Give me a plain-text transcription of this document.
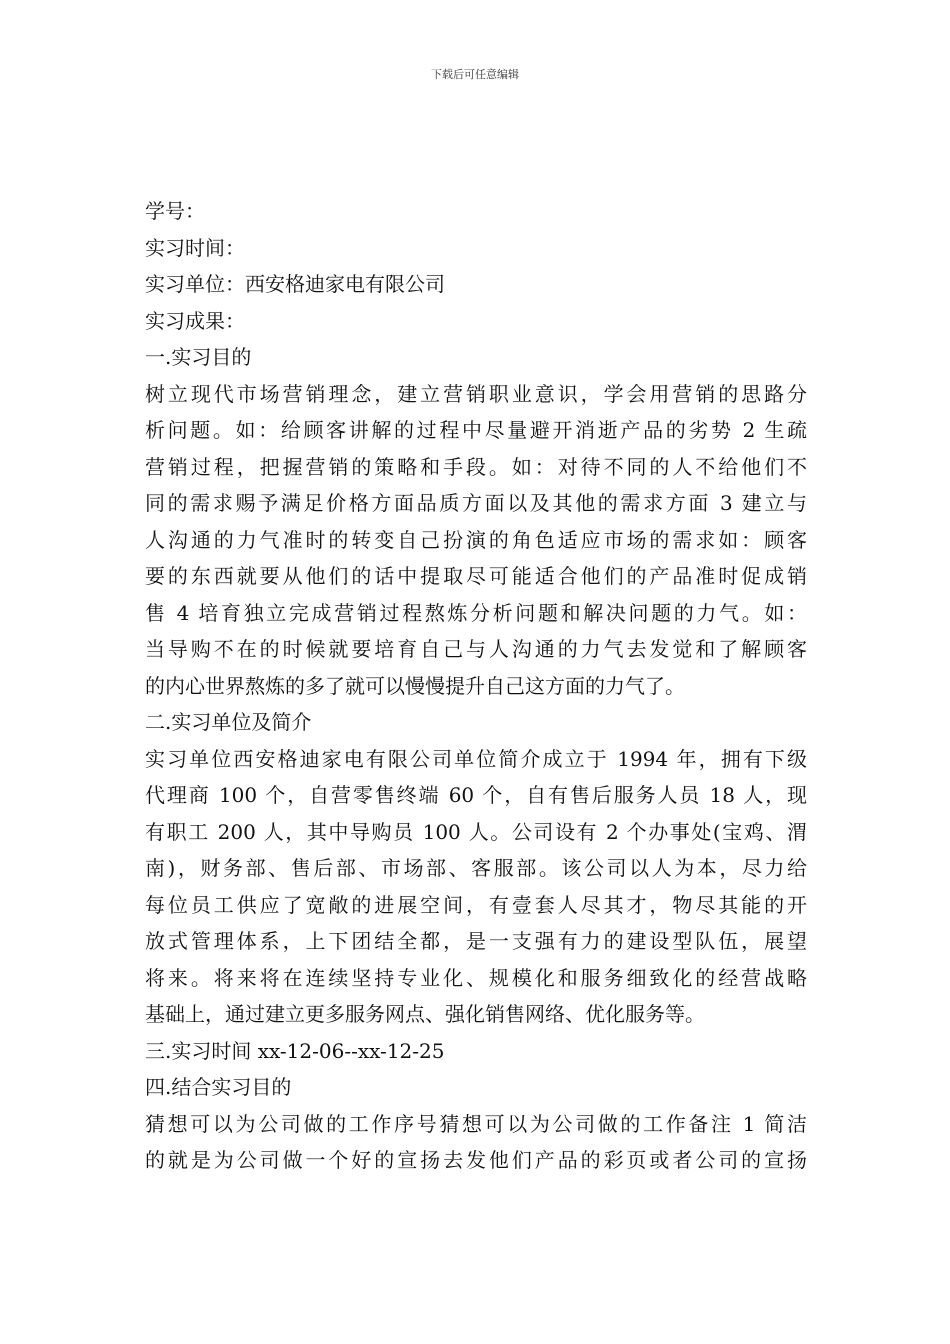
下载后可任意编辑
学号：
实习时间：
实习单位：西安格迪家电有限公司
实习成果：
一.实习目的
树立现代市场营销理念，建立营销职业意识，学会用营销的思路分
析问题。如：给顾客讲解的过程中尽量避开消逝产品的劣势 2 生疏
营销过程，把握营销的策略和手段。如：对待不同的人不给他们不
同的需求赐予满足价格方面品质方面以及其他的需求方面 3 建立与
人沟通的力气准时的转变自己扮演的角色适应市场的需求如：顾客
要的东西就要从他们的话中提取尽可能适合他们的产品准时促成销
售 4 培育独立完成营销过程熬炼分析问题和解决问题的力气。如：
当导购不在的时候就要培育自己与人沟通的力气去发觉和了解顾客
的内心世界熬炼的多了就可以慢慢提升自己这方面的力气了。
二.实习单位及简介
实习单位西安格迪家电有限公司单位简介成立于 1994 年，拥有下级
代理商 100 个，自营零售终端 60 个，自有售后服务人员 18 人，现
有职工 200 人，其中导购员 100 人。公司设有 2 个办事处(宝鸡、渭
南)，财务部、售后部、市场部、客服部。该公司以人为本，尽力给
每位员工供应了宽敞的进展空间，有壹套人尽其才，物尽其能的开
放式管理体系，上下团结全都，是一支强有力的建设型队伍，展望
将来。将来将在连续坚持专业化、规模化和服务细致化的经营战略
基础上，通过建立更多服务网点、强化销售网络、优化服务等。
三.实习时间 xx-12-06--xx-12-25
四.结合实习目的
猜想可以为公司做的工作序号猜想可以为公司做的工作备注 1 简洁
的就是为公司做一个好的宣扬去发他们产品的彩页或者公司的宣扬
